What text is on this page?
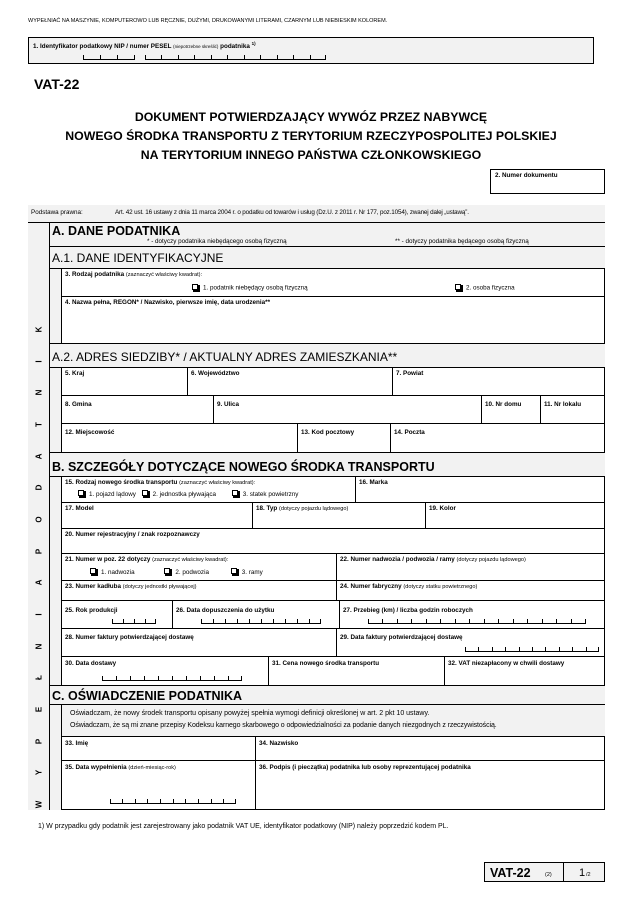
WYPEŁNIAĆ NA MASZYNIE, KOMPUTEROWO LUB RĘCZNIE, DUŻYMI, DRUKOWANYMI LITERAMI, CZARNYM LUB NIEBIESKIM KOLOREM.
1. Identyfikator podatkowy NIP / numer PESEL (niepotrzebne skreślić) podatnika $^{1)}$
VAT-22
DOKUMENT POTWIERDZAJĄCY WYWÓZ PRZEZ NABYWCĘ
NOWEGO ŚRODKA TRANSPORTU Z TERYTORIUM RZECZYPOSPOLITEJ POLSKIEJ
NA TERYTORIUM INNEGO PAŃSTWA CZŁONKOWSKIEGO
2. Numer dokumentu
Podstawa prawna:	Art. 42 ust. 16 ustawy z dnia 11 marca 2004 r. o podatku od towarów i usług (Dz.U. z 2011 r. Nr 177, poz.1054), zwanej dalej „ustawą”.
W
Y
P
E
Ł
N
I
A
P
O
D
A
T
N
I
K
A. DANE PODATNIKA
* - dotyczy podatnika niebędącego osobą fizyczną	** - dotyczy podatnika będącego osobą fizyczną
A.1. DANE IDENTYFIKACYJNE
3. Rodzaj podatnika (zaznaczyć właściwy kwadrat):
1. podatnik niebędący osobą fizyczną	2. osoba fizyczna
4. Nazwa pełna, REGON* / Nazwisko, pierwsze imię, data urodzenia**
A.2. ADRES SIEDZIBY* / AKTUALNY ADRES ZAMIESZKANIA**
5. Kraj	6. Województwo	7. Powiat
8. Gmina	9. Ulica	10. Nr domu	11. Nr lokalu
12. Miejscowość	13. Kod pocztowy	14. Poczta
B. SZCZEGÓŁY DOTYCZĄCE NOWEGO ŚRODKA TRANSPORTU
15. Rodzaj nowego środka transportu (zaznaczyć właściwy kwadrat):
1. pojazd lądowy	2. jednostka pływająca	3. statek powietrzny
16. Marka
17. Model	18. Typ (dotyczy pojazdu lądowego)	19. Kolor
20. Numer rejestracyjny / znak rozpoznawczy
21. Numer w poz. 22 dotyczy (zaznaczyć właściwy kwadrat):
1. nadwozia	2. podwozia	3. ramy
22. Numer nadwozia / podwozia / ramy (dotyczy pojazdu lądowego)
23. Numer kadłuba (dotyczy jednostki pływającej)	24. Numer fabryczny (dotyczy statku powietrznego)
25. Rok produkcji	26. Data dopuszczenia do użytku	27. Przebieg (km) / liczba godzin roboczych
28. Numer faktury potwierdzającej dostawę	29. Data faktury potwierdzającej dostawę
30. Data dostawy	31. Cena nowego środka transportu	32. VAT niezapłacony w chwili dostawy
C. OŚWIADCZENIE PODATNIKA
Oświadczam, że nowy środek transportu opisany powyżej spełnia wymogi definicji określonej w art. 2 pkt 10 ustawy.
Oświadczam, że są mi znane przepisy Kodeksu karnego skarbowego o odpowiedzialności za podanie danych niezgodnych z rzeczywistością.
33. Imię	34. Nazwisko
35. Data wypełnienia (dzień-miesiąc-rok)	36. Podpis (i pieczątka) podatnika lub osoby reprezentującej podatnika
1) W przypadku gdy podatnik jest zarejestrowany jako podatnik VAT UE, identyfikator podatkowy (NIP) należy poprzedzić kodem PL.
VAT-22	(2) 1 /2
